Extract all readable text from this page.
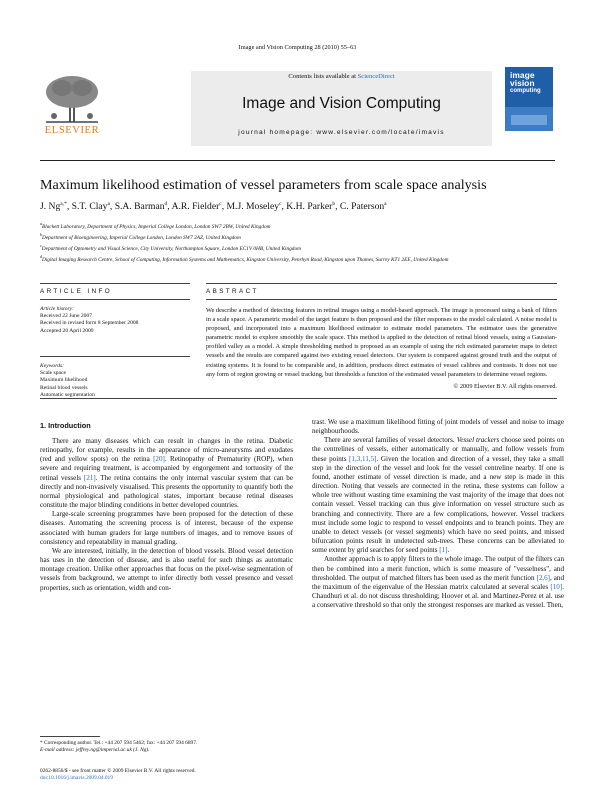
Image and Vision Computing 28 (2010) 55–63
Contents lists available at ScienceDirect
Image and Vision Computing
journal homepage: www.elsevier.com/locate/imavis
ELSEVIER
image
vision
computing
Maximum likelihood estimation of vessel parameters from scale space analysis
J. $Ng^{a,*}$, S.T. Clay$^a$, S.A. Barman$^d$, A.R. Fielder$^c$, M.J. Moseley$^c$, K.H. Parker$^b$, C. Paterson$^a$

$^a$Blackett Laboratory, Department of Physics, Imperial College London, London SW7 2BW, United Kingdom

$^b$Department of Bioengineering, Imperial College London, London SW7 2AZ, United Kingdom

$^c$Department of Optometry and Visual Science, City University, Northampton Square, London EC1V 0HB, United Kingdom

$^d$Digital Imaging Research Centre, School of Computing, Information Systems and Mathematics, Kingston University, Penrhyn Road, Kingston upon Thames, Surrey KT1 2EE, United Kingdom

ARTICLE INFO	ABSTRACT
Article history:
Received 22 June 2007
Received in revised form 8 September 2008
Accepted 20 April 2009
Keywords:
Scale space
Maximum likelihood
Retinal blood vessels
Automatic segmentation
We describe a method of detecting features in retinal images using a model-based approach. The image is processed using a bank of filters in a scale space. A parametric model of the target feature is then proposed and the filter responses to the model calculated. A noise model is proposed, and incorporated into a maximum likelihood estimator to estimate model parameters. The estimator uses the generative parametric model to explore smoothly the scale space. This method is applied to the detection of retinal blood vessels, using a Gaussian-profiled valley as a model. A simple thresholding method is proposed as an example of using the rich estimated parameter maps to detect vessels and the results are compared against two existing vessel detectors. Our system is compared against ground truth and the output of existing systems. It is found to be comparable and, in addition, produces direct estimates of vessel calibres and contrasts. It does not use any form of region growing or vessel tracking, but thresholds a function of the estimated vessel parameters to determine vessel regions.
© 2009 Elsevier B.V. All rights reserved.
1. Introduction

There are many diseases which can result in changes in the retina. Diabetic retinopathy, for example, results in the appearance of micro-aneurysms and exudates (red and yellow spots) on the retina [20]. Retinopathy of Prematurity (ROP), when severe and requiring treatment, is accompanied by engorgement and tortuosity of the retinal vessels [21]. The retina contains the only internal vascular system that can be directly and non-invasively visualised. This presents the opportunity to quantify both the normal physiological and pathological states, important because retinal diseases constitute the major blinding conditions in better developed countries.

Large-scale screening programmes have been proposed for the detection of these diseases. Automating the screening process is of interest, because of the expense associated with human graders for large numbers of images, and to remove issues of consistency and repeatability in manual grading.

We are interested, initially, in the detection of blood vessels. Blood vessel detection has uses in the detection of disease, and is also useful for such things as automatic montage creation. Unlike other approaches that focus on the pixel-wise segmentation of vessels from background, we attempt to infer directly both vessel presence and vessel properties, such as orientation, width and con-

trast. We use a maximum likelihood fitting of joint models of vessel and noise to image neighbourhoods.

There are several families of vessel detectors. Vessel trackers choose seed points on the centrelines of vessels, either automatically or manually, and follow vessels from these points [1,3,11,5]. Given the location and direction of a vessel, they take a small step in the direction of the vessel and look for the vessel centreline nearby. If one is found, another estimate of vessel direction is made, and a new step is made in this direction. Noting that vessels are connected in the retina, these systems can follow a whole tree without wasting time examining the vast majority of the image that does not contain vessel. Vessel tracking can thus give information on vessel structure such as branching and connectivity. There are a few complications, however. Vessel trackers must include some logic to respond to vessel endpoints and to branch points. They are unable to detect vessels (or vessel segments) which have no seed points, and missed bifurcation points result in undetected sub-trees. These concerns can be alleviated to some extent by grid searches for seed points [1].

Another approach is to apply filters to the whole image. The output of the filters can then be combined into a merit function, which is some measure of "vesselness", and thresholded. The output of matched filters has been used as the merit function [2,6], and the maximum of the eigenvalue of the Hessian matrix calculated at several scales [10]. Chaudhuri et al. do not discuss thresholding; Hoover et al. and Martinez-Perez et al. use a conservative threshold so that only the strongest responses are marked as vessel. Then,

* Corresponding author. Tel.: +44 207 594 5462; fax: +44 207 594 6897.

E-mail address: jeffrey.ng@imperial.ac.uk (J. Ng).

0262-8856/$ - see front matter © 2009 Elsevier B.V. All rights reserved.
doi:10.1016/j.imavis.2009.04.019
